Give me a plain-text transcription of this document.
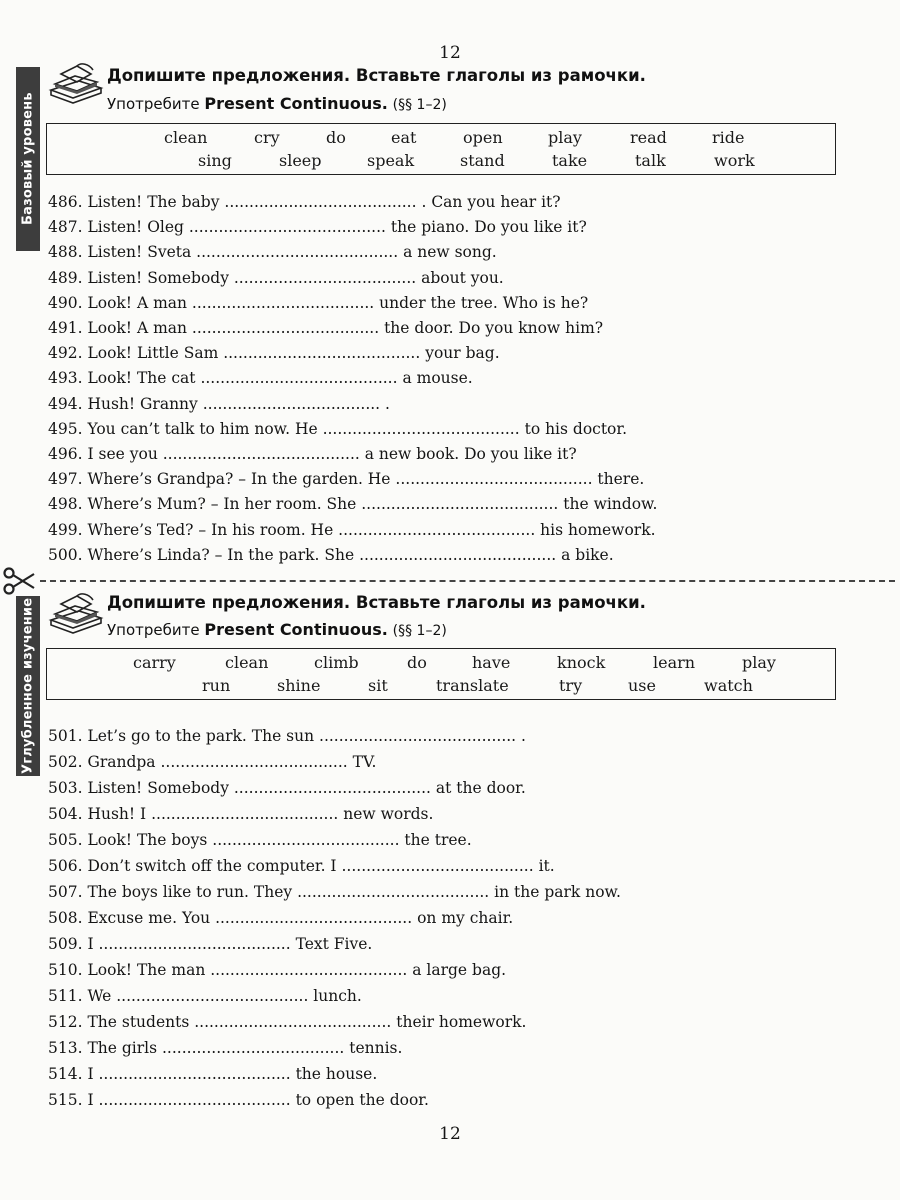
12
Базовый уровень
Углубленное изучение
Допишите предложения. Вставьте глаголы из рамочки.
Употребите Present Continuous. (§§ 1–2)
clean	cry	do	eat	open	play	read	ride
sing	sleep	speak	stand	take	talk	work
486. Listen! The baby ....................................... . Can you hear it?
487. Listen! Oleg ........................................ the piano. Do you like it?
488. Listen! Sveta ......................................... a new song.
489. Listen! Somebody ..................................... about you.
490. Look! A man ..................................... under the tree. Who is he?
491. Look! A man ...................................... the door. Do you know him?
492. Look! Little Sam ........................................ your bag.
493. Look! The cat ........................................ a mouse.
494. Hush! Granny .................................... .
495. You can’t talk to him now. He ........................................ to his doctor.
496. I see you ........................................ a new book. Do you like it?
497. Where’s Grandpa? – In the garden. He ........................................ there.
498. Where’s Mum? – In her room. She ........................................ the window.
499. Where’s Ted? – In his room. He ........................................ his homework.
500. Where’s Linda? – In the park. She ........................................ a bike.
Допишите предложения. Вставьте глаголы из рамочки.
Употребите Present Continuous. (§§ 1–2)
carry	clean	climb	do	have	knock	learn	play
run	shine	sit	translate	try	use	watch
501. Let’s go to the park. The sun ........................................ .
502. Grandpa ...................................... TV.
503. Listen! Somebody ........................................ at the door.
504. Hush! I ...................................... new words.
505. Look! The boys ...................................... the tree.
506. Don’t switch off the computer. I ....................................... it.
507. The boys like to run. They ....................................... in the park now.
508. Excuse me. You ........................................ on my chair.
509. I ....................................... Text Five.
510. Look! The man ........................................ a large bag.
511. We ....................................... lunch.
512. The students ........................................ their homework.
513. The girls ..................................... tennis.
514. I ....................................... the house.
515. I ....................................... to open the door.
12
